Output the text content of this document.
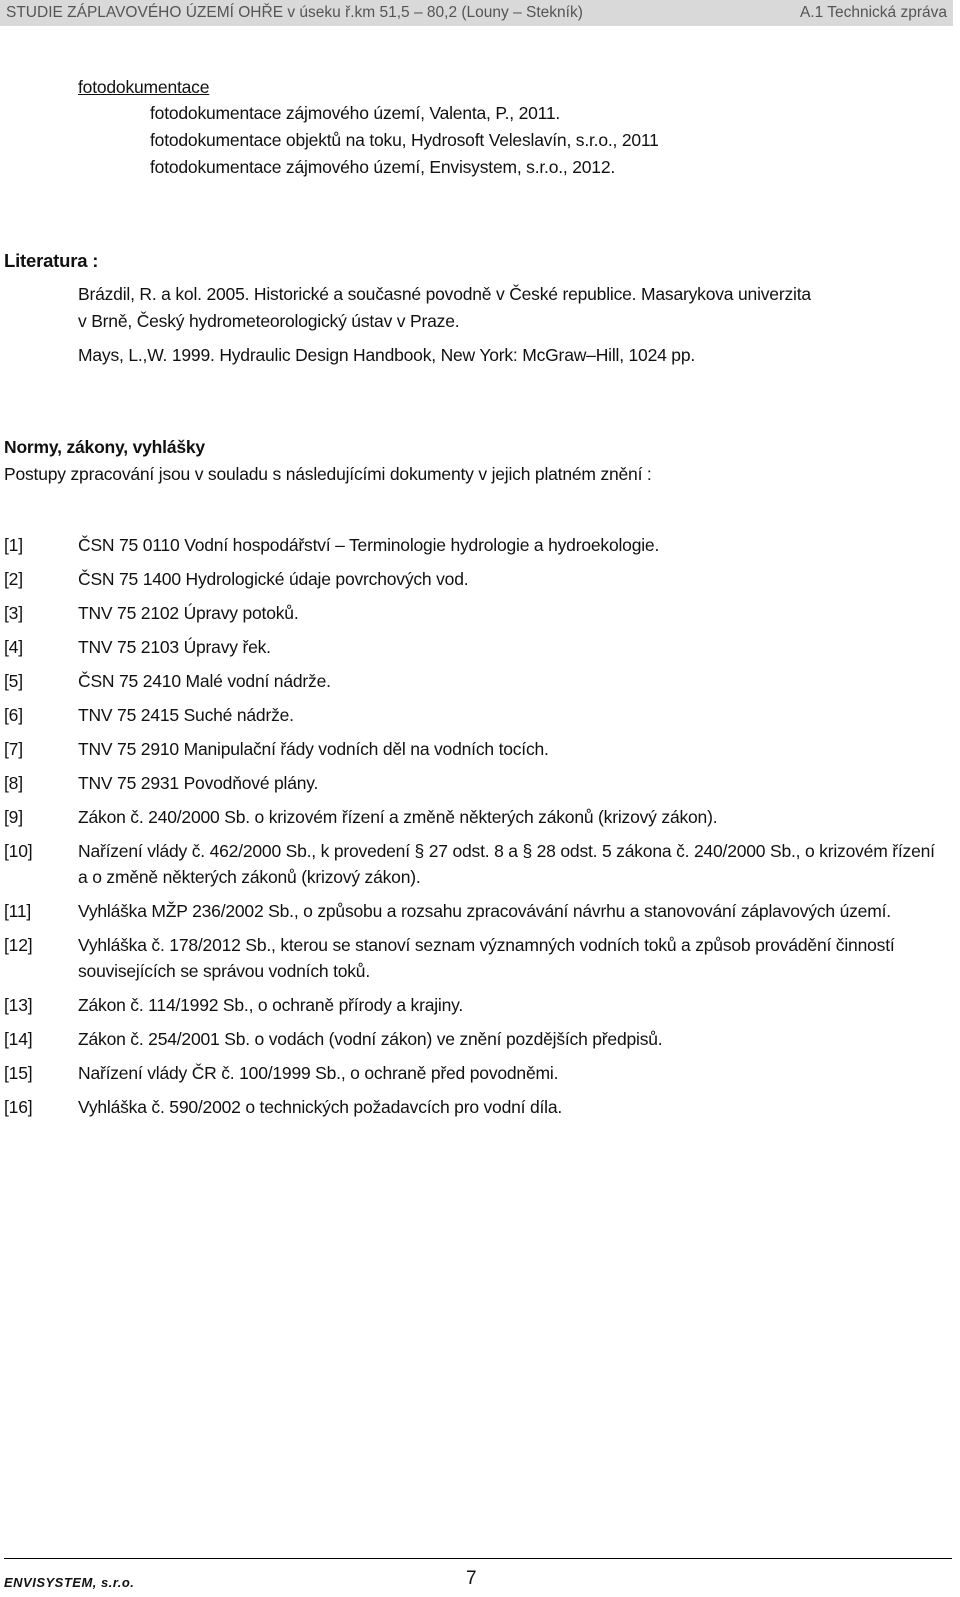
STUDIE ZÁPLAVOVÉHO ÚZEMÍ OHŘE v úseku ř.km 51,5 – 80,2 (Louny – Stekník)	A.1 Technická zpráva
fotodokumentace
fotodokumentace zájmového území, Valenta, P., 2011.
fotodokumentace objektů na toku, Hydrosoft Veleslavín, s.r.o., 2011
fotodokumentace zájmového území, Envisystem, s.r.o., 2012.
Literatura :
Brázdil, R. a kol. 2005. Historické a současné povodně v České republice. Masarykova univerzita
v Brně, Český hydrometeorologický ústav v Praze.
Mays, L.,W. 1999. Hydraulic Design Handbook, New York: McGraw–Hill, 1024 pp.
Normy, zákony, vyhlášky
Postupy zpracování jsou v souladu s následujícími dokumenty v jejich platném znění :
[1]	ČSN 75 0110 Vodní hospodářství – Terminologie hydrologie a hydroekologie.
[2]	ČSN 75 1400 Hydrologické údaje povrchových vod.
[3]	TNV 75 2102 Úpravy potoků.
[4]	TNV 75 2103 Úpravy řek.
[5]	ČSN 75 2410 Malé vodní nádrže.
[6]	TNV 75 2415 Suché nádrže.
[7]	TNV 75 2910 Manipulační řády vodních děl na vodních tocích.
[8]	TNV 75 2931 Povodňové plány.
[9]	Zákon č. 240/2000 Sb. o krizovém řízení a změně některých zákonů (krizový zákon).
[10]	Nařízení vlády č. 462/2000 Sb., k provedení § 27 odst. 8 a § 28 odst. 5 zákona č. 240/2000 Sb., o krizovém řízení a o změně některých zákonů (krizový zákon).
[11]	Vyhláška MŽP 236/2002 Sb., o způsobu a rozsahu zpracovávání návrhu a stanovování záplavových území.
[12]	Vyhláška č. 178/2012 Sb., kterou se stanoví seznam významných vodních toků a způsob provádění činností souvisejících se správou vodních toků.
[13]	Zákon č. 114/1992 Sb., o ochraně přírody a krajiny.
[14]	Zákon č. 254/2001 Sb. o vodách (vodní zákon) ve znění pozdějších předpisů.
[15]	Nařízení vlády ČR č. 100/1999 Sb., o ochraně před povodněmi.
[16]	Vyhláška č. 590/2002 o technických požadavcích pro vodní díla.
ENVISYSTEM, s.r.o.	7
